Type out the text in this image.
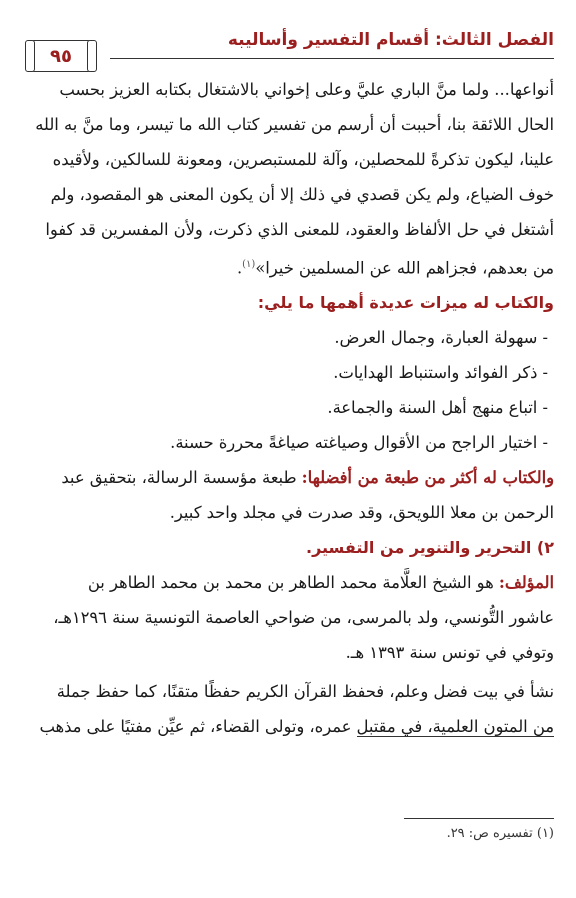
الفصل الثالث: أقسام التفسير وأساليبه
٩٥

أنواعها... ولما منَّ الباري عليَّ وعلى إخواني بالاشتغال بكتابه العزيز بحسب

الحال اللائقة بنا، أحببت أن أرسم من تفسير كتاب الله ما تيسر، وما منَّ به الله

علينا، ليكون تذكرةً للمحصلين، وآلة للمستبصرين، ومعونة للسالكين، ولأقيده

خوف الضياع، ولم يكن قصدي في ذلك إلا أن يكون المعنى هو المقصود، ولم

أشتغل في حل الألفاظ والعقود، للمعنى الذي ذكرت، ولأن المفسرين قد كفوا

من بعدهم، فجزاهم الله عن المسلمين خيرا»$^{(١)}$.

والكتاب له ميزات عديدة أهمها ما يلي:

- سهولة العبارة، وجمال العرض.

- ذكر الفوائد واستنباط الهدايات.

- اتباع منهج أهل السنة والجماعة.

- اختيار الراجح من الأقوال وصياغته صياغةً محررة حسنة.

والكتاب له أكثر من طبعة من أفضلها: طبعة مؤسسة الرسالة، بتحقيق عبد

الرحمن بن معلا اللويحق، وقد صدرت في مجلد واحد كبير.

٢) التحرير والتنوير من التفسير.

المؤلف: هو الشيخ العلَّامة محمد الطاهر بن محمد بن محمد الطاهر بن

عاشور التُّونسي، ولد بالمرسى، من ضواحي العاصمة التونسية سنة ١٢٩٦هـ،

وتوفي في تونس سنة ١٣٩٣ هـ.

نشأ في بيت فضل وعلم، فحفظ القرآن الكريم حفظًا متقنًا، كما حفظ جملة

من المتون العلمية، في مقتبل عمره، وتولى القضاء، ثم عيِّن مفتيًا على مذهب

(١) تفسيره ص: ٢٩.
